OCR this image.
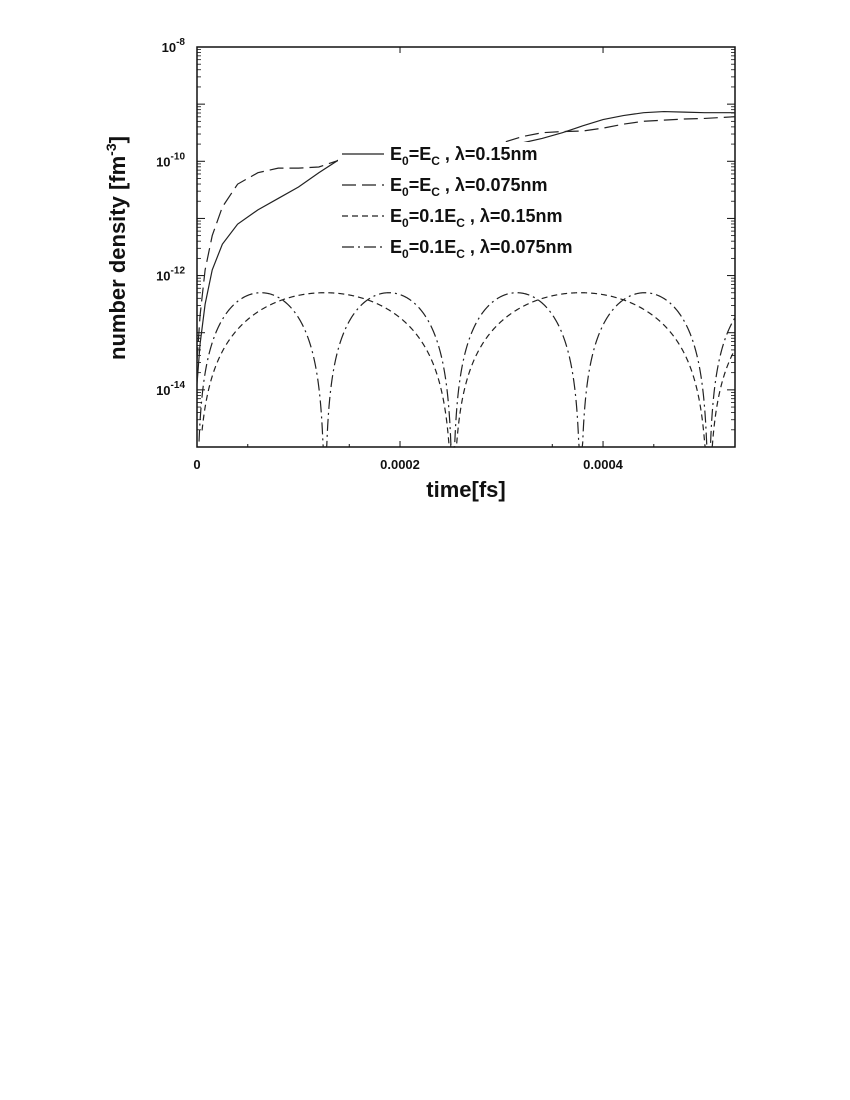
0	0.0002	0.0004
$10^{-8}$
$10^{-10}$
$10^{-12}$
$10^{-14}$
$E_0=E_C$ , λ=0.15nm
$E_0=E_C$ , λ=0.075nm
$E_0=0.1E_C$ , λ=0.15nm
$E_0=0.1E_C$ , λ=0.075nm
time[fs]
number density $[fm^{-3}]$
